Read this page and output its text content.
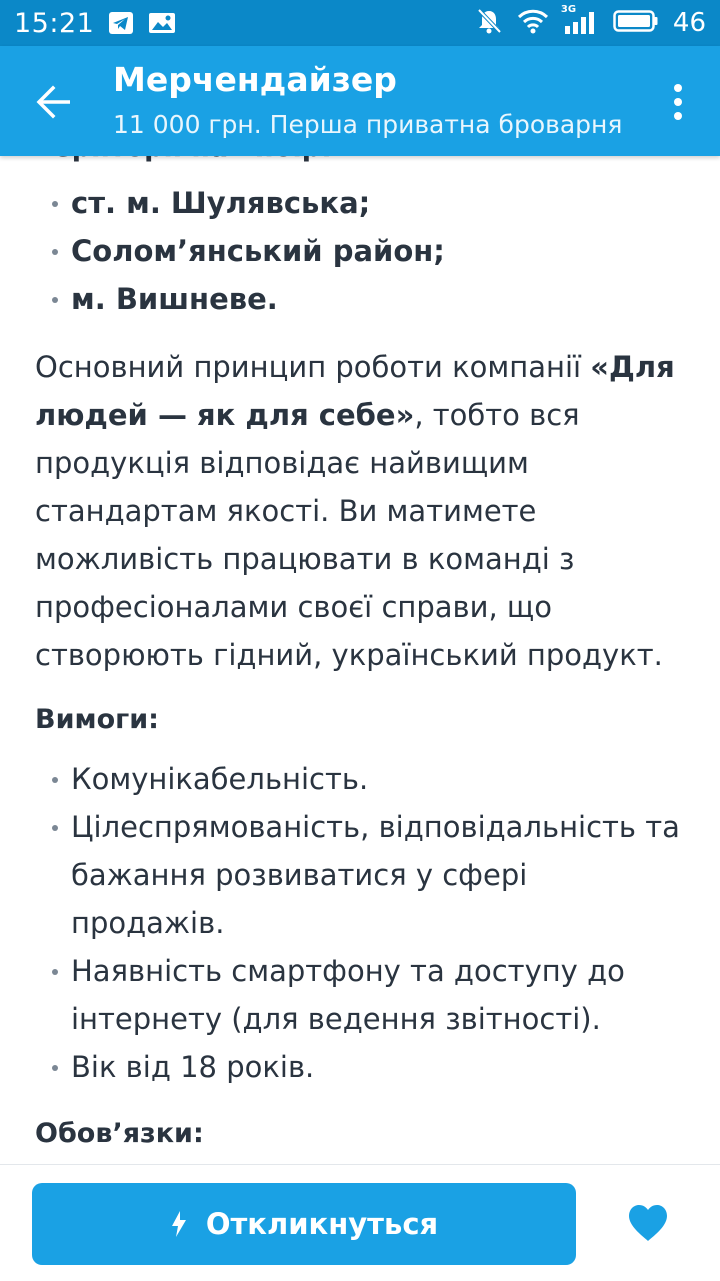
15:21	3G	46
Мерчендайзер
11 000 грн. Перша приватна броварня
ст. м. Шулявська;
Солом’янський район;
м. Вишневе.
Основний принцип роботи компанії «Для людей — як для себе», тобто вся продукція відповідає найвищим стандартам якості. Ви матимете можливість працювати в команді з професіоналами своєї справи, що створюють гідний, український продукт.
Вимоги:
Комунікабельність.
Цілеспрямованість, відповідальність та бажання розвиватися у сфері продажів.
Наявність смартфону та доступу до інтернету (для ведення звітності).
Вік від 18 років.
Обов’язки:
Откликнуться
